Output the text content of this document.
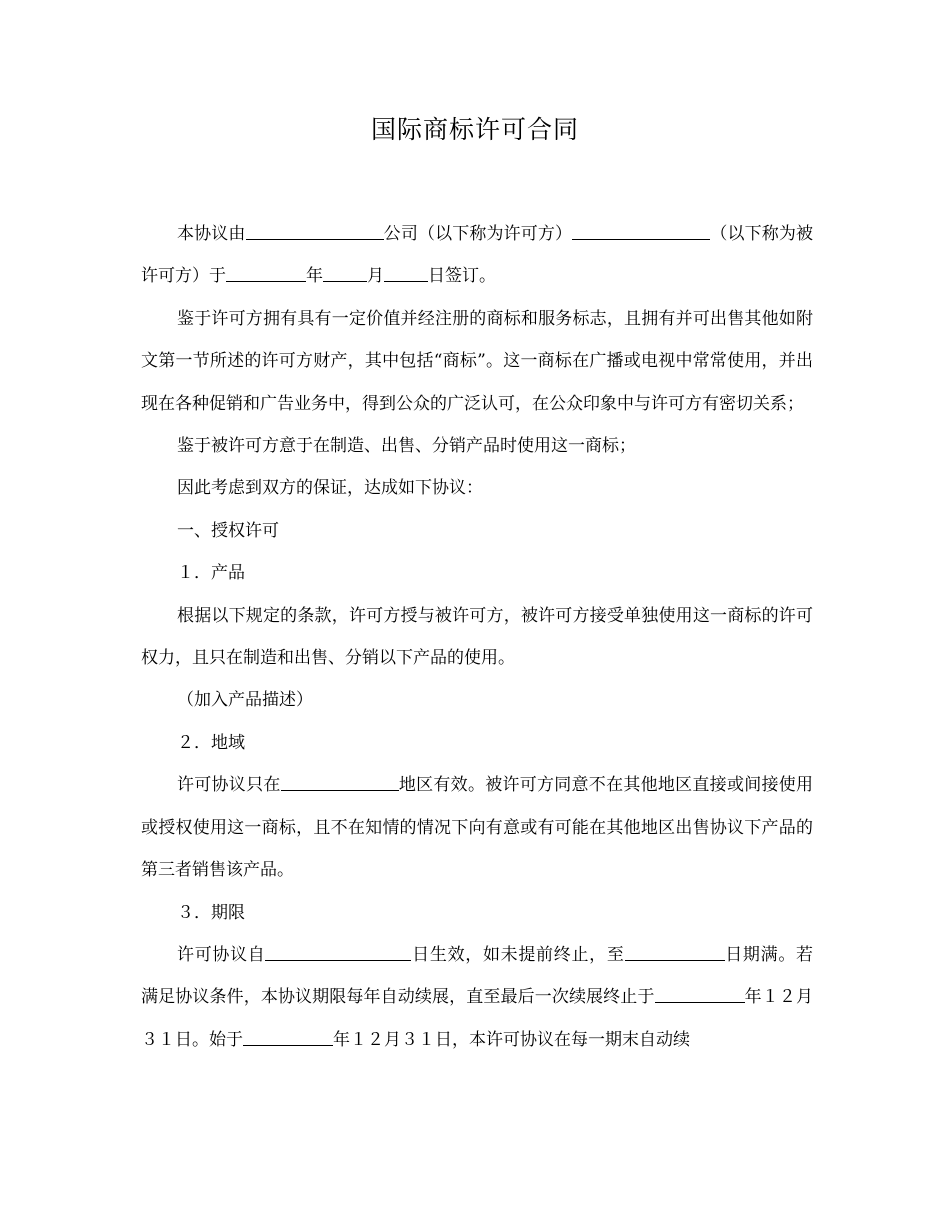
国际商标许可合同

本协议由	公司（以下称为许可方）	（以下称为被许可方）于	年	月	日签订。

鉴于许可方拥有具有一定价值并经注册的商标和服务标志，且拥有并可出售其他如附文第一节所述的许可方财产，其中包括“商标”。这一商标在广播或电视中常常使用，并出现在各种促销和广告业务中，得到公众的广泛认可，在公众印象中与许可方有密切关系；

鉴于被许可方意于在制造、出售、分销产品时使用这一商标；

因此考虑到双方的保证，达成如下协议：

一、授权许可

１．产品

根据以下规定的条款，许可方授与被许可方，被许可方接受单独使用这一商标的许可权力，且只在制造和出售、分销以下产品的使用。

（加入产品描述）

２．地域

许可协议只在	地区有效。被许可方同意不在其他地区直接或间接使用或授权使用这一商标，且不在知情的情况下向有意或有可能在其他地区出售协议下产品的第三者销售该产品。

３．期限

许可协议自	日生效，如未提前终止，至	日期满。若满足协议条件，本协议期限每年自动续展，直至最后一次续展终止于	年１２月３１日。始于	年１２月３１日，本许可协议在每一期末自动续
